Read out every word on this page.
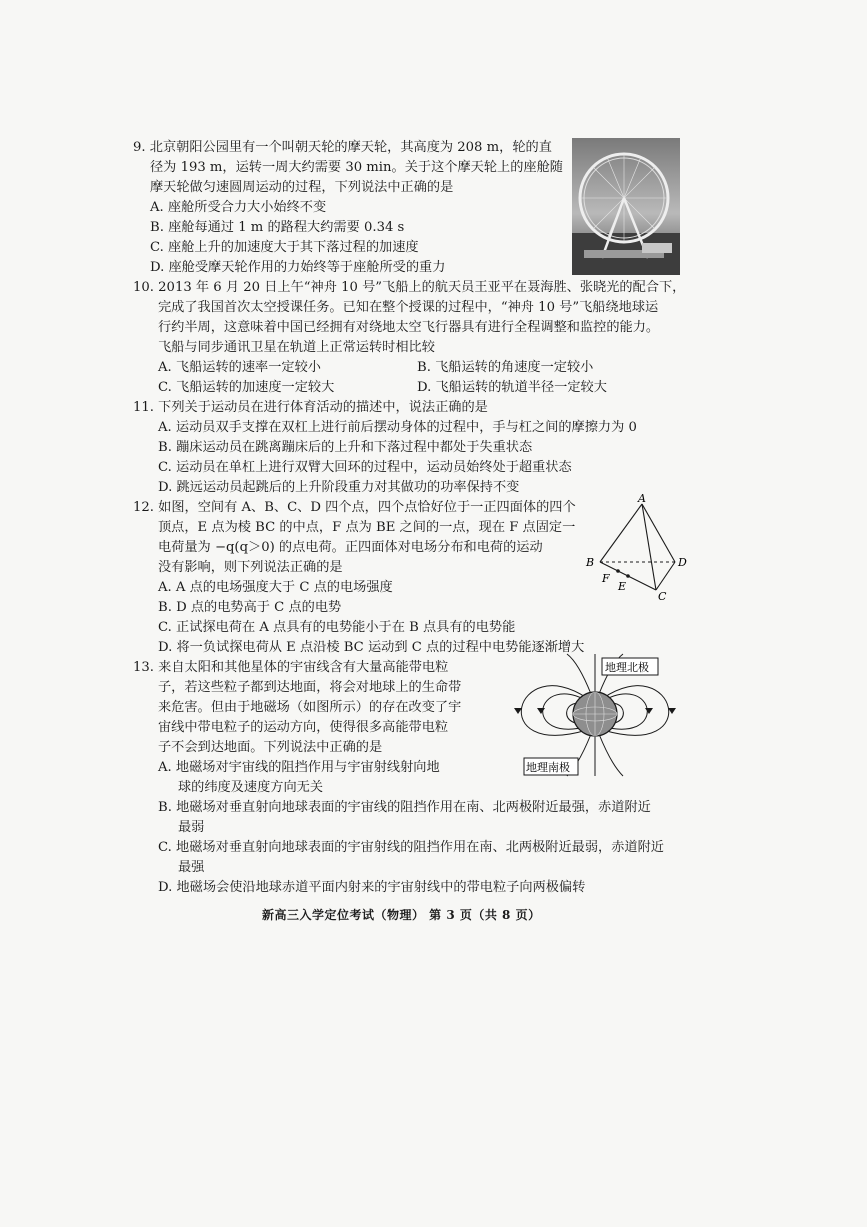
9. 北京朝阳公园里有一个叫朝天轮的摩天轮，其高度为 208 m，轮的直
径为 193 m，运转一周大约需要 30 min。关于这个摩天轮上的座舱随
摩天轮做匀速圆周运动的过程，下列说法中正确的是
A. 座舱所受合力大小始终不变
B. 座舱每通过 1 m 的路程大约需要 0.34 s
C. 座舱上升的加速度大于其下落过程的加速度
D. 座舱受摩天轮作用的力始终等于座舱所受的重力
10. 2013 年 6 月 20 日上午“神舟 10 号”飞船上的航天员王亚平在聂海胜、张晓光的配合下，
完成了我国首次太空授课任务。已知在整个授课的过程中，“神舟 10 号”飞船绕地球运
行约半周，这意味着中国已经拥有对绕地太空飞行器具有进行全程调整和监控的能力。
飞船与同步通讯卫星在轨道上正常运转时相比较
A. 飞船运转的速率一定较小	B. 飞船运转的角速度一定较小
C. 飞船运转的加速度一定较大	D. 飞船运转的轨道半径一定较大
11. 下列关于运动员在进行体育活动的描述中，说法正确的是
A. 运动员双手支撑在双杠上进行前后摆动身体的过程中，手与杠之间的摩擦力为 0
B. 蹦床运动员在跳离蹦床后的上升和下落过程中都处于失重状态
C. 运动员在单杠上进行双臂大回环的过程中，运动员始终处于超重状态
D. 跳远运动员起跳后的上升阶段重力对其做功的功率保持不变
12. 如图，空间有 A、B、C、D 四个点，四个点恰好位于一正四面体的四个
顶点，E 点为棱 BC 的中点，F 点为 BE 之间的一点，现在 F 点固定一
电荷量为 −q(q＞0) 的点电荷。正四面体对电场分布和电荷的运动
没有影响，则下列说法正确的是
A. A 点的电场强度大于 C 点的电场强度
B. D 点的电势高于 C 点的电势
C. 正试探电荷在 A 点具有的电势能小于在 B 点具有的电势能
D. 将一负试探电荷从 E 点沿棱 BC 运动到 C 点的过程中电势能逐渐增大
A
B	D
C
F
E
13. 来自太阳和其他星体的宇宙线含有大量高能带电粒
子，若这些粒子都到达地面，将会对地球上的生命带
来危害。但由于地磁场（如图所示）的存在改变了宇
宙线中带电粒子的运动方向，使得很多高能带电粒
子不会到达地面。下列说法中正确的是
A. 地磁场对宇宙线的阻挡作用与宇宙射线射向地
球的纬度及速度方向无关
B. 地磁场对垂直射向地球表面的宇宙线的阻挡作用在南、北两极附近最强，赤道附近
最弱
C. 地磁场对垂直射向地球表面的宇宙射线的阻挡作用在南、北两极附近最弱，赤道附近
最强
D. 地磁场会使沿地球赤道平面内射来的宇宙射线中的带电粒子向两极偏转
地理北极
地理南极
新高三入学定位考试（物理） 第 3 页（共 8 页）
